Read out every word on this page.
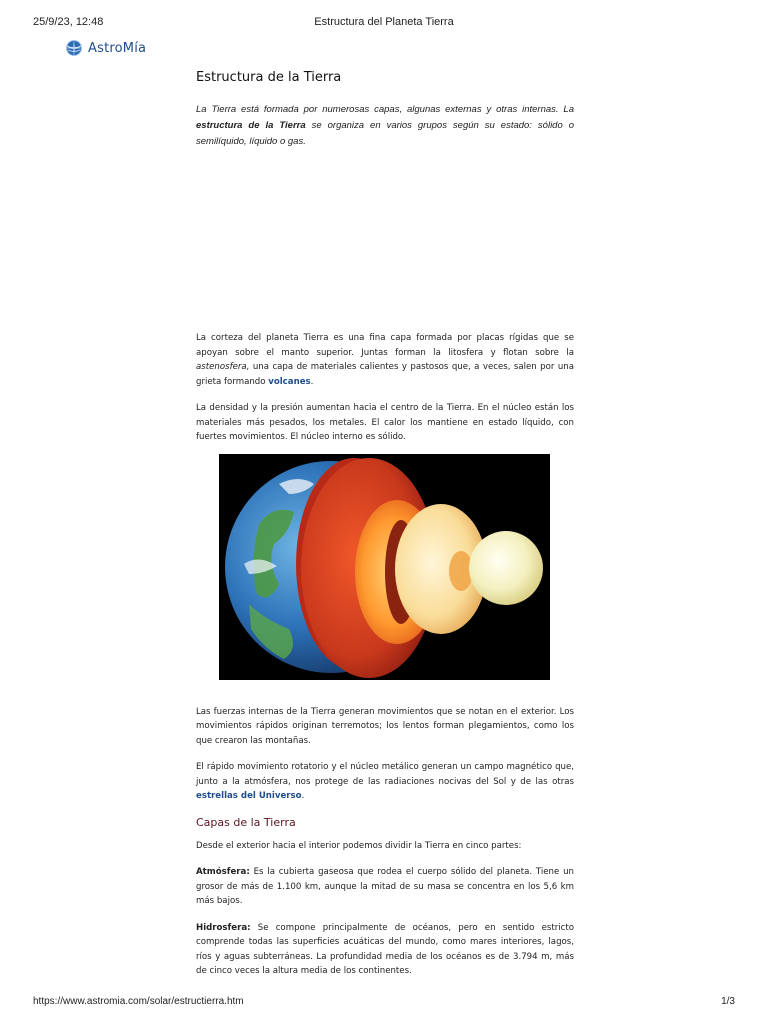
25/9/23, 12:48	Estructura del Planeta Tierra
AstroMía
Estructura de la Tierra

La Tierra está formada por numerosas capas, algunas externas y otras internas. La estructura de la Tierra se organiza en varios grupos según su estado: sólido o semilíquido, líquido o gas.

La corteza del planeta Tierra es una fina capa formada por placas rígidas que se apoyan sobre el manto superior. Juntas forman la litosfera y flotan sobre la astenosfera, una capa de materiales calientes y pastosos que, a veces, salen por una grieta formando volcanes.

La densidad y la presión aumentan hacia el centro de la Tierra. En el núcleo están los materiales más pesados, los metales. El calor los mantiene en estado líquido, con fuertes movimientos. El núcleo interno es sólido.

Las fuerzas internas de la Tierra generan movimientos que se notan en el exterior. Los movimientos rápidos originan terremotos; los lentos forman plegamientos, como los que crearon las montañas.

El rápido movimiento rotatorio y el núcleo metálico generan un campo magnético que, junto a la atmósfera, nos protege de las radiaciones nocivas del Sol y de las otras estrellas del Universo.

Capas de la Tierra

Desde el exterior hacia el interior podemos dividir la Tierra en cinco partes:

Atmósfera: Es la cubierta gaseosa que rodea el cuerpo sólido del planeta. Tiene un grosor de más de 1.100 km, aunque la mitad de su masa se concentra en los 5,6 km más bajos.

Hidrosfera: Se compone principalmente de océanos, pero en sentido estricto comprende todas las superficies acuáticas del mundo, como mares interiores, lagos, ríos y aguas subterráneas. La profundidad media de los océanos es de 3.794 m, más de cinco veces la altura media de los continentes.

https://www.astromia.com/solar/estructierra.htm	1/3
